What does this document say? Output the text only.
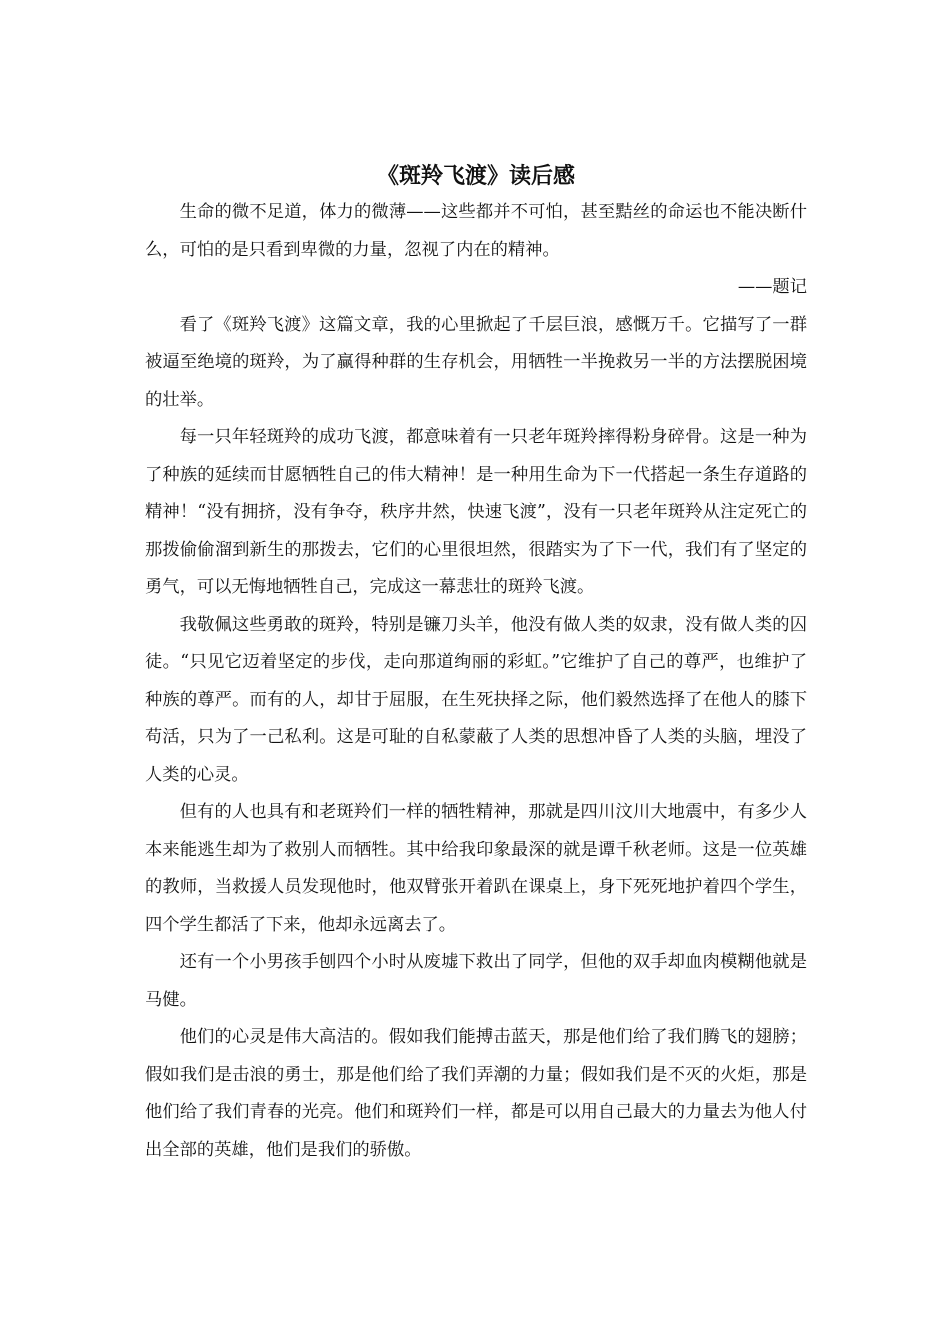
《斑羚飞渡》读后感

生命的微不足道，体力的微薄——这些都并不可怕，甚至黠丝的命运也不能决断什么，可怕的是只看到卑微的力量，忽视了内在的精神。

——题记

看了《斑羚飞渡》这篇文章，我的心里掀起了千层巨浪，感慨万千。它描写了一群被逼至绝境的斑羚，为了赢得种群的生存机会，用牺牲一半挽救另一半的方法摆脱困境的壮举。

每一只年轻斑羚的成功飞渡，都意味着有一只老年斑羚摔得粉身碎骨。这是一种为了种族的延续而甘愿牺牲自己的伟大精神！是一种用生命为下一代搭起一条生存道路的精神！“没有拥挤，没有争夺，秩序井然，快速飞渡”，没有一只老年斑羚从注定死亡的那拨偷偷溜到新生的那拨去，它们的心里很坦然，很踏实为了下一代，我们有了坚定的勇气，可以无悔地牺牲自己，完成这一幕悲壮的斑羚飞渡。

我敬佩这些勇敢的斑羚，特别是镰刀头羊，他没有做人类的奴隶，没有做人类的囚徒。“只见它迈着坚定的步伐，走向那道绚丽的彩虹。”它维护了自己的尊严，也维护了种族的尊严。而有的人，却甘于屈服，在生死抉择之际，他们毅然选择了在他人的膝下苟活，只为了一己私利。这是可耻的自私蒙蔽了人类的思想冲昏了人类的头脑，埋没了人类的心灵。

但有的人也具有和老斑羚们一样的牺牲精神，那就是四川汶川大地震中，有多少人本来能逃生却为了救别人而牺牲。其中给我印象最深的就是谭千秋老师。这是一位英雄的教师，当救援人员发现他时，他双臂张开着趴在课桌上，身下死死地护着四个学生，四个学生都活了下来，他却永远离去了。

还有一个小男孩手刨四个小时从废墟下救出了同学，但他的双手却血肉模糊他就是马健。

他们的心灵是伟大高洁的。假如我们能搏击蓝天，那是他们给了我们腾飞的翅膀；假如我们是击浪的勇士，那是他们给了我们弄潮的力量；假如我们是不灭的火炬，那是他们给了我们青春的光亮。他们和斑羚们一样，都是可以用自己最大的力量去为他人付出全部的英雄，他们是我们的骄傲。
